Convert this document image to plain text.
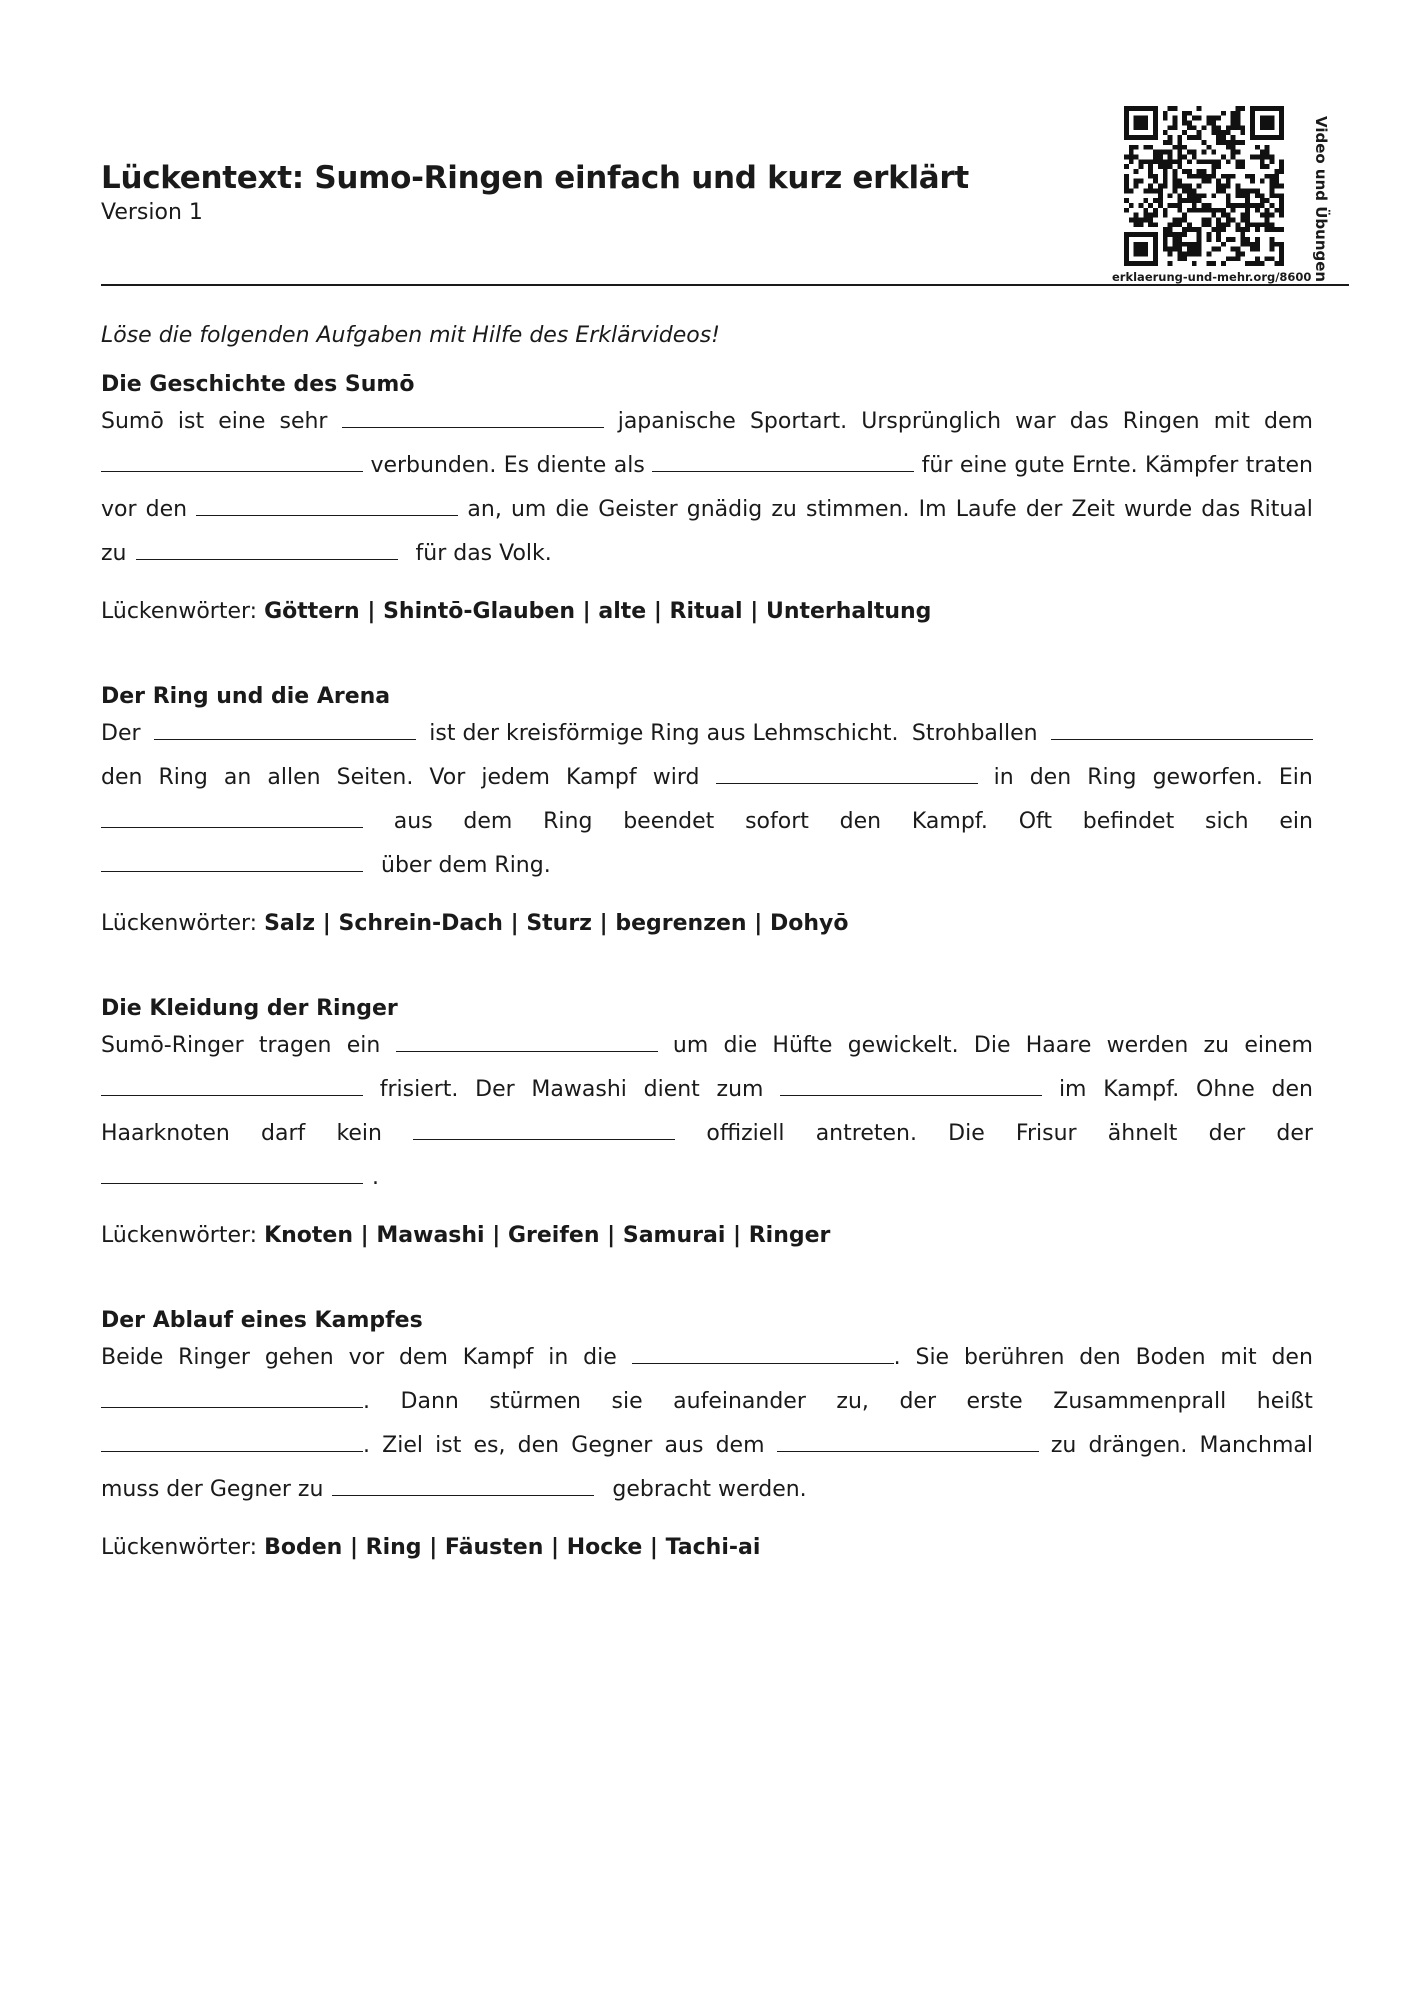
Lückentext: Sumo-Ringen einfach und kurz erklärt
Version 1	Video und Übungen
erklaerung-und-mehr.org/8600
Löse die folgenden Aufgaben mit Hilfe des Erklärvideos!
Die Geschichte des Sumō

Sumō ist eine sehr	japanische Sportart. Ursprünglich war das Ringen mit dem

verbunden. Es diente als	für eine gute Ernte. Kämpfer traten

vor den	an, um die Geister gnädig zu stimmen. Im Laufe der Zeit wurde das Ritual

zu	für das Volk.

Lückenwörter: Göttern | Shintō-Glauben | alte | Ritual | Unterhaltung
Der Ring und die Arena

Der	ist der kreisförmige Ring aus Lehmschicht. Strohballen

den Ring an allen Seiten. Vor jedem Kampf wird	in den Ring geworfen. Ein

aus dem Ring beendet sofort den Kampf. Oft befindet sich ein

über dem Ring.

Lückenwörter: Salz | Schrein-Dach | Sturz | begrenzen | Dohyō
Die Kleidung der Ringer

Sumō-Ringer tragen ein	um die Hüfte gewickelt. Die Haare werden zu einem

frisiert. Der Mawashi dient zum	im Kampf. Ohne den

Haarknoten darf kein	offiziell antreten. Die Frisur ähnelt der der

.

Lückenwörter: Knoten | Mawashi | Greifen | Samurai | Ringer
Der Ablauf eines Kampfes

Beide Ringer gehen vor dem Kampf in die	. Sie berühren den Boden mit den

. Dann stürmen sie aufeinander zu, der erste Zusammenprall heißt

. Ziel ist es, den Gegner aus dem	zu drängen. Manchmal

muss der Gegner zu	gebracht werden.

Lückenwörter: Boden | Ring | Fäusten | Hocke | Tachi-ai
